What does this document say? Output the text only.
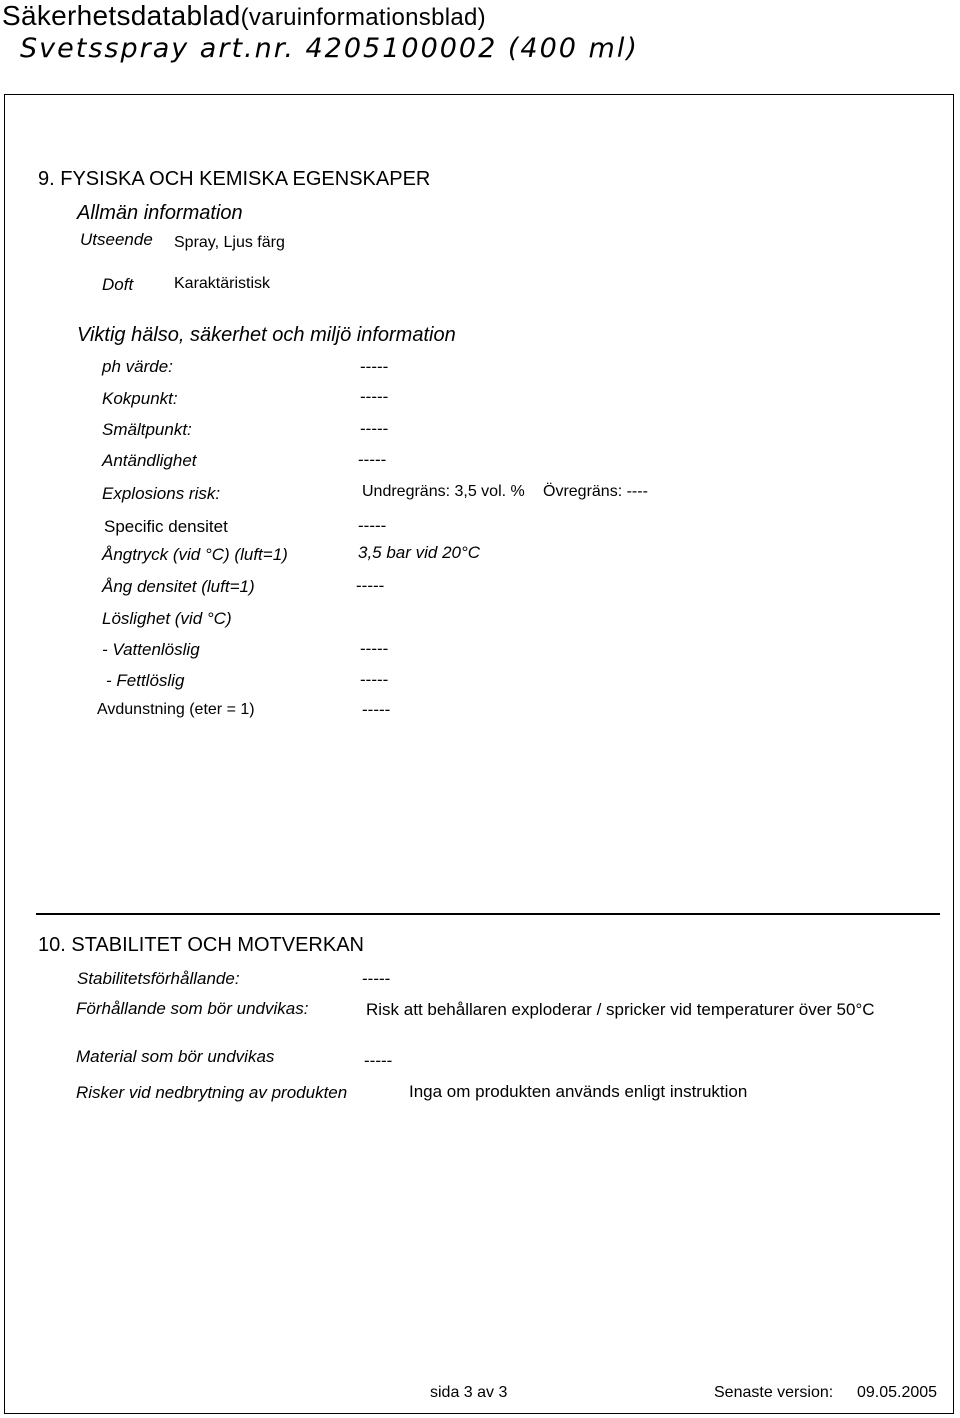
Säkerhetsdatablad(varuinformationsblad)
Svetsspray art.nr. 4205100002 (400 ml)
9. FYSISKA OCH KEMISKA EGENSKAPER
Allmän information
Utseende Spray, Ljus färg
Doft	Karaktäristisk
Viktig hälso, säkerhet och miljö information
ph värde:	-----
Kokpunkt:	-----
Smältpunkt:	-----
Antändlighet	-----
Explosions risk:	Undregräns: 3,5 vol. % Övregräns: ----
Specific densitet	-----
Ångtryck (vid °C) (luft=1)	3,5 bar vid 20°C
Ång densitet (luft=1)	-----
Löslighet (vid °C)
- Vattenlöslig	-----
- Fettlöslig	-----
Avdunstning (eter = 1)	-----
10. STABILITET OCH MOTVERKAN
Stabilitetsförhållande:	-----
Förhållande som bör undvikas:	Risk att behållaren exploderar / spricker vid temperaturer över 50°C
Material som bör undvikas	-----
Risker vid nedbrytning av produkten	Inga om produkten används enligt instruktion
sida 3 av 3	Senaste version: 09.05.2005
